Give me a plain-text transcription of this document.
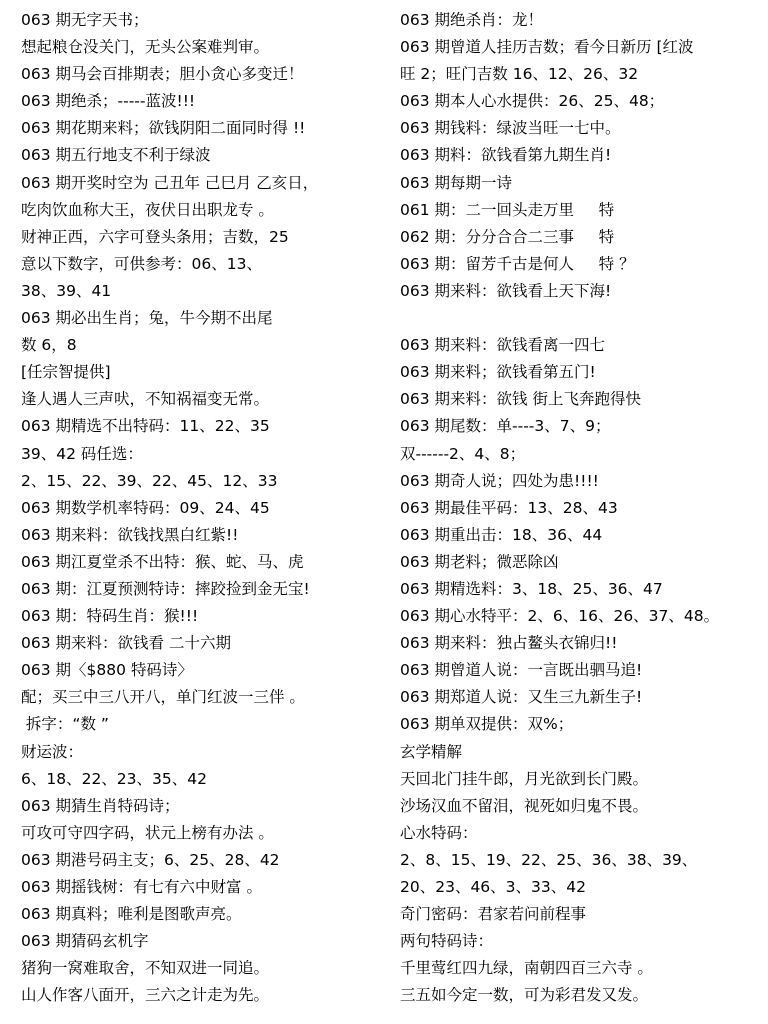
063 期无字天书；
想起粮仓没关门，无头公案难判审。
063 期马会百排期表；胆小贪心多变迁！
063 期绝杀；-----蓝波!!!
063 期花期来料；欲钱阴阳二面同时得 !!
063 期五行地支不利于绿波
063 期开奖时空为 己丑年 己巳月 乙亥日，
吃肉饮血称大王，夜伏日出职龙专 。
财神正西，六字可登头条用；吉数，25
意以下数字，可供参考：06、13、
38、39、41
063 期必出生肖；兔，牛今期不出尾
数 6，8
[任宗智提供]
逢人遇人三声吠，不知祸福变无常。
063 期精选不出特码：11、22、35
39、42 码任选：
2、15、22、39、22、45、12、33
063 期数学机率特码：09、24、45
063 期来料：欲钱找黑白红紫!!
063 期江夏堂杀不出特：猴、蛇、马、虎
063 期：江夏预测特诗：摔跤捡到金无宝!
063 期：特码生肖：猴!!!
063 期来料：欲钱看 二十六期
063 期〈$880 特码诗〉
配；买三中三八开八，单门红波一三伴 。
拆字：“数 ”
财运波：
6、18、22、23、35、42
063 期猜生肖特码诗；
可攻可守四字码，状元上榜有办法 。
063 期港号码主支；6、25、28、42
063 期摇钱树：有七有六中财富 。
063 期真料；唯利是图歌声亮。
063 期猜码玄机字
猪狗一窝难取舍，不知双进一同追。
山人作客八面开，三六之计走为先。
063 期绝杀肖：龙！
063 期曾道人挂历吉数；看今日新历 [红波
旺 2；旺门吉数 16、12、26、32
063 期本人心水提供：26、25、48；
063 期钱料：绿波当旺一七中。
063 期料：欲钱看第九期生肖!
063 期每期一诗
061 期：二一回头走万里     特
062 期：分分合合二三事     特
063 期：留芳千古是何人     特 ？
063 期来料：欲钱看上天下海!
063 期来料：欲钱看离一四七
063 期来料；欲钱看第五门!
063 期来料：欲钱 街上飞奔跑得快
063 期尾数：单----3、7、9；
双------2、4、8；
063 期奇人说；四处为患!!!!
063 期最佳平码：13、28、43
063 期重出击：18、36、44
063 期老料；微恶除凶
063 期精选料：3、18、25、36、47
063 期心水特平：2、6、16、26、37、48。
063 期来料：独占鳌头衣锦归!!
063 期曾道人说：一言既出驷马追!
063 期郑道人说：又生三九新生子!
063 期单双提供：双%；
玄学精解
天回北门挂牛郎，月光欲到长门殿。
沙场汉血不留泪，视死如归鬼不畏。
心水特码：
2、8、15、19、22、25、36、38、39、
20、23、46、3、33、42
奇门密码：君家若问前程事
两句特码诗：
千里莺红四九绿，南朝四百三六寺 。
三五如今定一数，可为彩君发又发。
